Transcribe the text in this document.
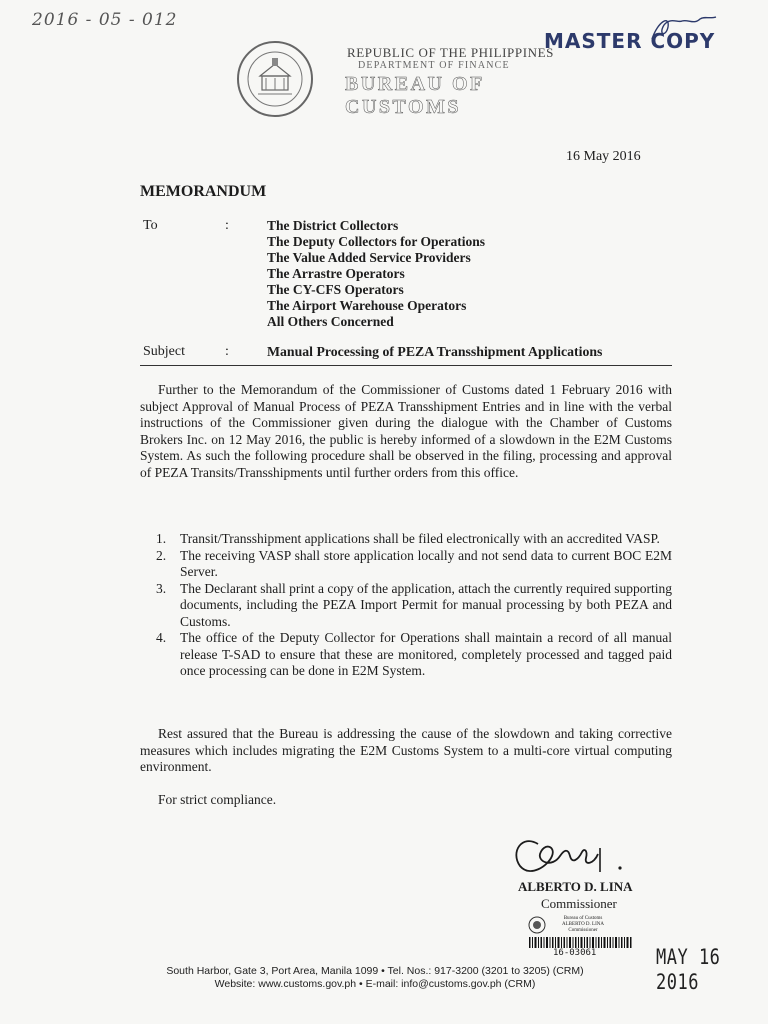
2016 - 05 - 012
REPUBLIC OF THE PHILIPPINES
DEPARTMENT OF FINANCE
BUREAU OF CUSTOMS
MASTER COPY
16 May 2016
MEMORANDUM
To	:	The District Collectors
The Deputy Collectors for Operations
The Value Added Service Providers
The Arrastre Operators
The CY-CFS Operators
The Airport Warehouse Operators
All Others Concerned
Subject	:	Manual Processing of PEZA Transshipment Applications
Further to the Memorandum of the Commissioner of Customs dated 1 February 2016 with subject Approval of Manual Process of PEZA Transshipment Entries and in line with the verbal instructions of the Commissioner given during the dialogue with the Chamber of Customs Brokers Inc. on 12 May 2016, the public is hereby informed of a slowdown in the E2M Customs System. As such the following procedure shall be observed in the filing, processing and approval of PEZA Transits/Transshipments until further orders from this office.
1. Transit/Transshipment applications shall be filed electronically with an accredited VASP.
2. The receiving VASP shall store application locally and not send data to current BOC E2M Server.
3. The Declarant shall print a copy of the application, attach the currently required supporting documents, including the PEZA Import Permit for manual processing by both PEZA and Customs.
4. The office of the Deputy Collector for Operations shall maintain a record of all manual release T-SAD to ensure that these are monitored, completely processed and tagged paid once processing can be done in E2M System.
Rest assured that the Bureau is addressing the cause of the slowdown and taking corrective measures which includes migrating the E2M Customs System to a multi-core virtual computing environment.
For strict compliance.
ALBERTO D. LINA
Commissioner
Bureau of Customs
ALBERTO D. LINA
Commissioner
16-03061	MAY 16 2016
South Harbor, Gate 3, Port Area, Manila 1099 • Tel. Nos.: 917-3200 (3201 to 3205) (CRM)
Website: www.customs.gov.ph • E-mail: info@customs.gov.ph (CRM)
